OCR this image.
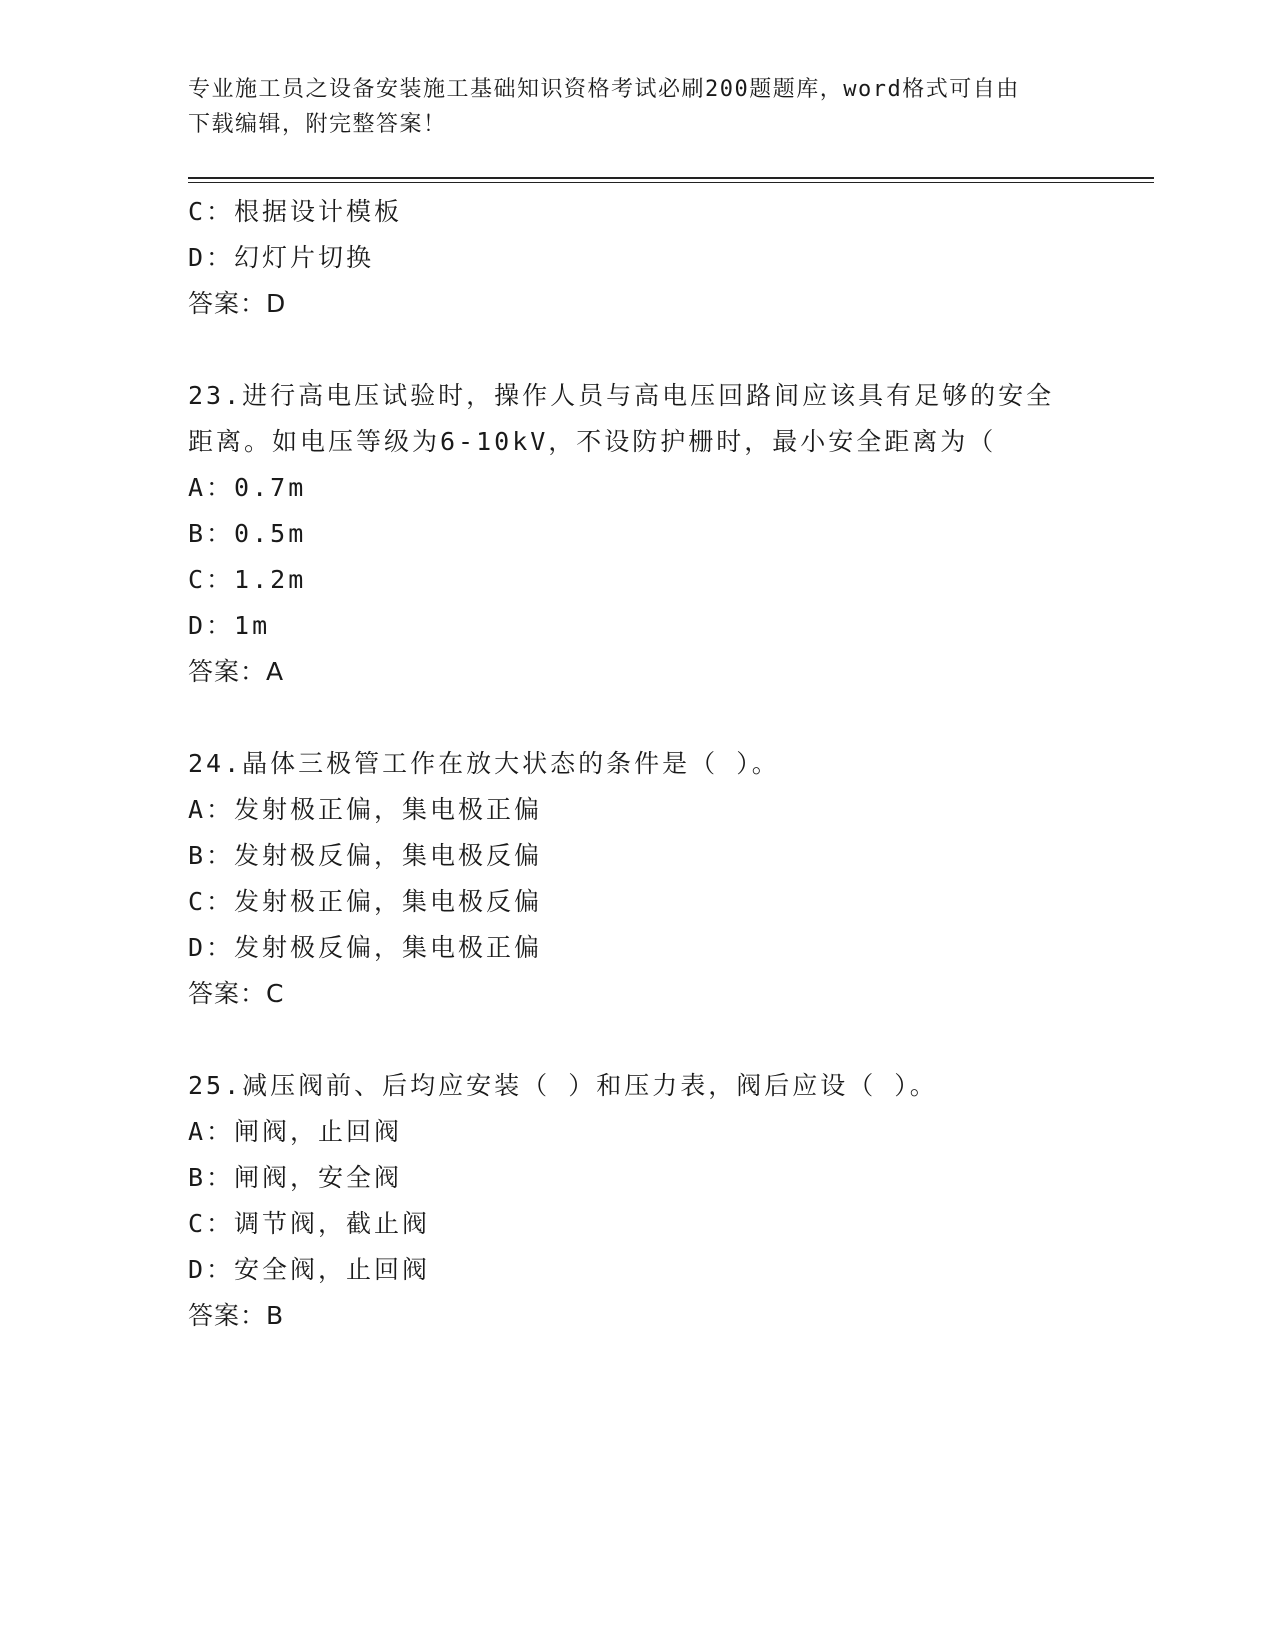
专业施工员之设备安装施工基础知识资格考试必刷200题题库，word格式可自由
下载编辑，附完整答案！
C：根据设计模板
D：幻灯片切换
答案：D
23.进行高电压试验时，操作人员与高电压回路间应该具有足够的安全
距离。如电压等级为6-10kV，不设防护栅时，最小安全距离为（
A：0.7m
B：0.5m
C：1.2m
D：1m
答案：A
24.晶体三极管工作在放大状态的条件是（ ）。
A：发射极正偏，集电极正偏
B：发射极反偏，集电极反偏
C：发射极正偏，集电极反偏
D：发射极反偏，集电极正偏
答案：C
25.减压阀前、后均应安装（ ）和压力表，阀后应设（ ）。
A：闸阀，止回阀
B：闸阀，安全阀
C：调节阀，截止阀
D：安全阀，止回阀
答案：B
